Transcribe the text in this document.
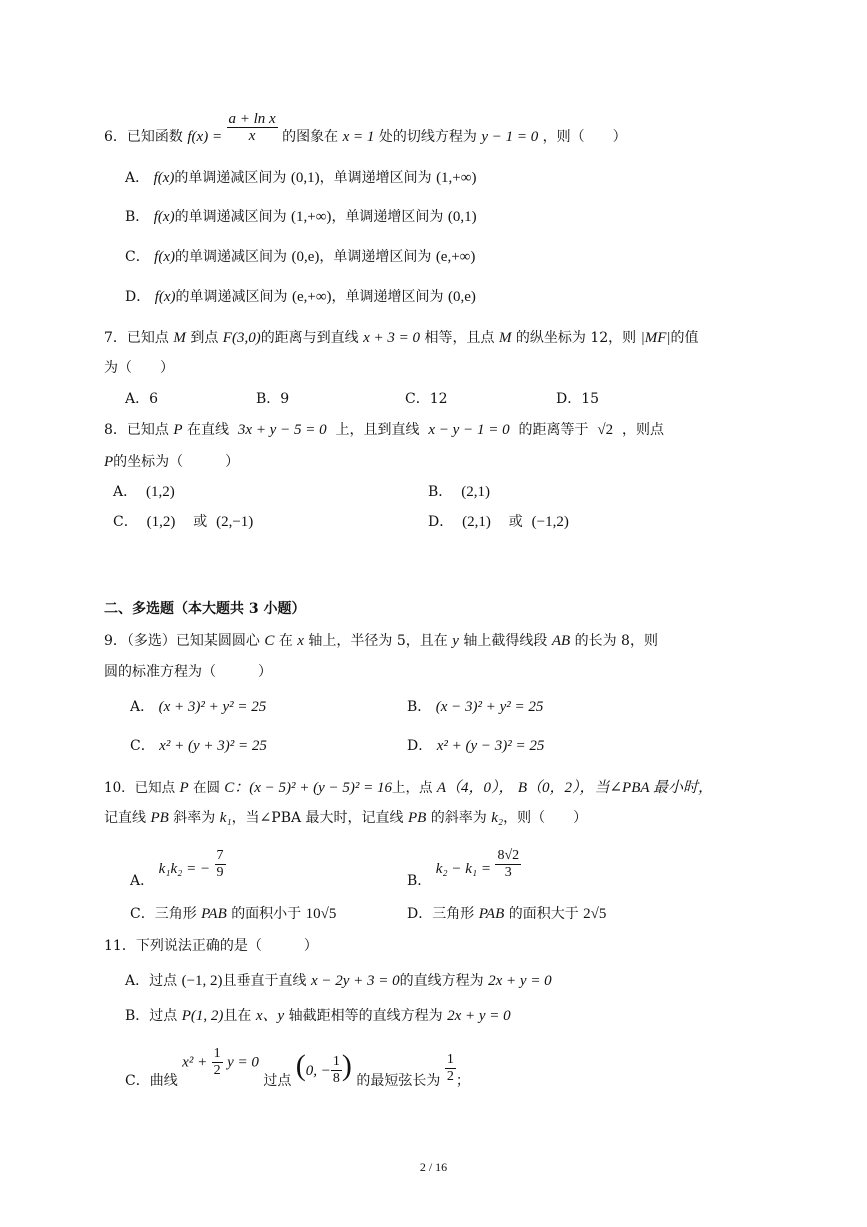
6．已知函数 $f(x) = \frac{\text{a + ln x}}{x}$ 的图象在 x = 1 处的切线方程为 y − 1 = 0 ，则（　　）
A． f(x)的单调递减区间为 (0,1)，单调递增区间为 (1,+∞)
B． f(x)的单调递减区间为 (1,+∞)，单调递增区间为 (0,1)
C． f(x)的单调递减区间为 (0,e)，单调递增区间为 (e,+∞)
D． f(x)的单调递减区间为 (e,+∞)，单调递增区间为 (0,e)
7．已知点 M 到点 F(3,0)的距离与到直线 x + 3 = 0 相等，且点 M 的纵坐标为 12，则 |MF|的值
为（　　）
A．6	B．9	C．12	D．15
8．已知点 P 在直线 3x + y − 5 = 0 上，且到直线 x − y − 1 = 0 的距离等于 √2 ，则点
P的坐标为（　　　）
A． (1,2)	B． (2,1)
C． (1,2) 或 (2,−1)	D． (2,1) 或 (−1,2)
二、多选题（本大题共 3 小题）
9．（多选）已知某圆圆心 C 在 x 轴上，半径为 5，且在 y 轴上截得线段 AB 的长为 8，则
圆的标准方程为（　　　）
A． (x + 3)² + y² = 25	B． (x − 3)² + y² = 25
C． x² + (y + 3)² = 25	D． x² + (y − 3)² = 25
10．已知点 P 在圆 C：(x − 5)² + (y − 5)² = 16上，点 A（4，0）， B（0，2），当∠PBA 最小时，
记直线 PB 斜率为 k₁，当∠PBA 最大时，记直线 PB 的斜率为 k₂，则（　　）
A． k₁k₂ = − $\frac{7}{9}$	B． $k_2 - k_1 = \frac{8√2}{3}$
C．三角形 PAB 的面积小于 10√5	D．三角形 PAB 的面积大于 2√5
11．下列说法正确的是（　　　）
A．过点 (−1, 2)且垂直于直线 x − 2y + 3 = 0的直线方程为 2x + y = 0
B．过点 P(1, 2)且在 x、y 轴截距相等的直线方程为 2x + y = 0
C．曲线 $x^2 + \frac{1}{2}$ y = 0 过点 (0, − $\frac{1}{8}$ ) 的最短弦长为 $\frac{1}{2}$ ；
2 / 16
